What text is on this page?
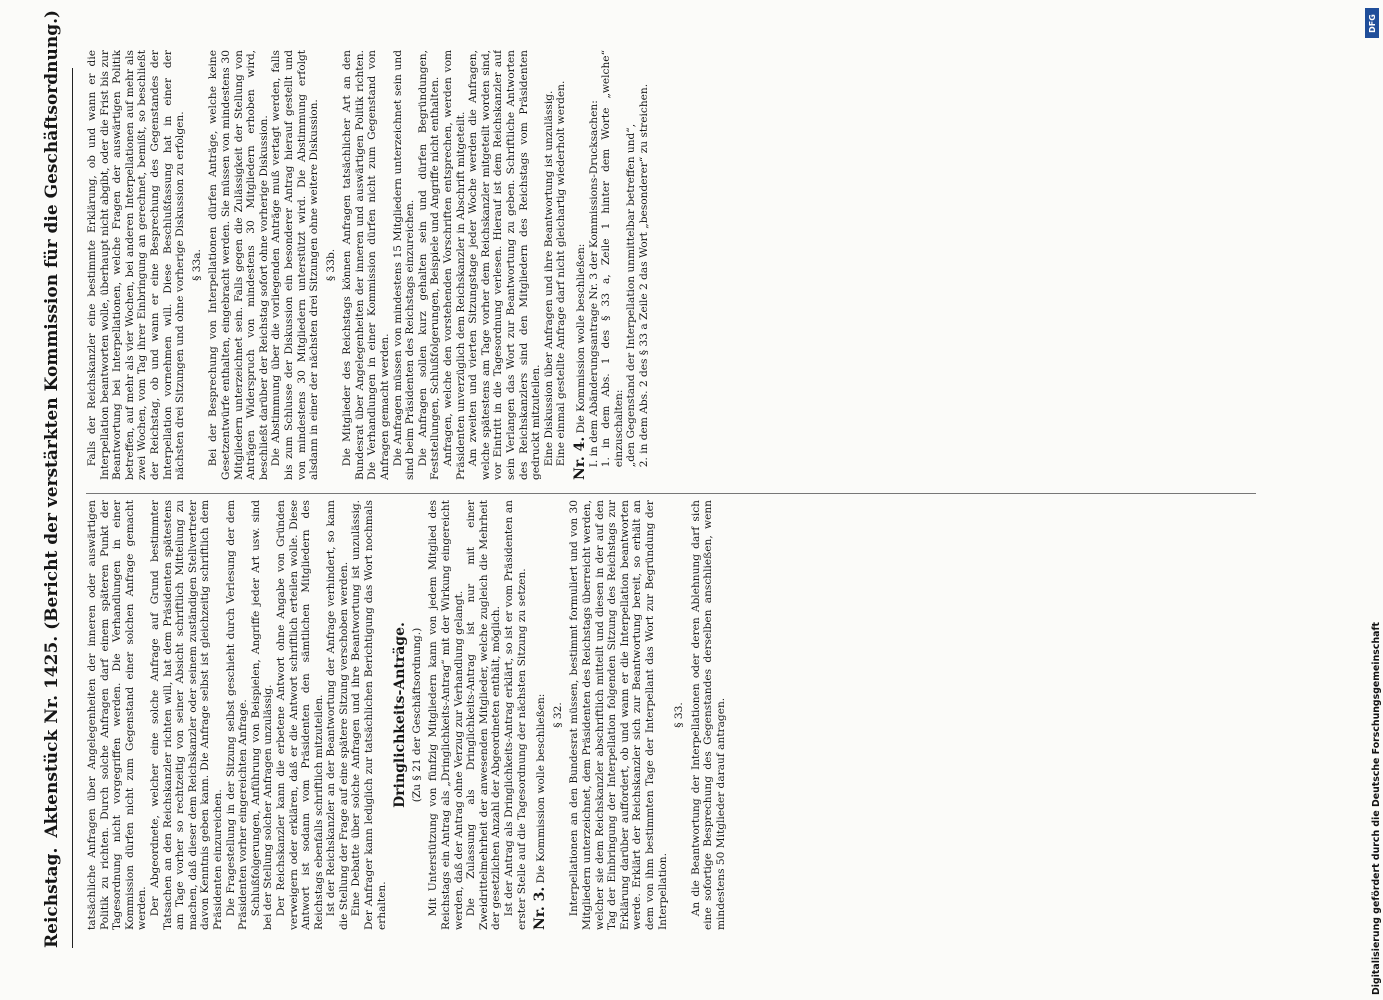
Reichstag.
Aktenstück Nr. 1425. (Bericht der verstärkten Kommission für die Geschäftsordnung.) tatsächliche Anfragen über Angelegenheiten der inneren oder auswärtigen Politik zu richten. Durch solche Anfragen darf einem späteren Punkt der Tagesordnung nicht vorgegriffen werden. Die Verhandlungen in einer Kommission dürfen nicht zum Gegenstand einer solchen Anfrage gemacht werden. Der Abgeordnete, welcher eine solche Anfrage auf Grund bestimmter Tatsachen an den Reichskanzler richten will, hat dem Präsidenten spätestens am Tage vorher so rechtzeitig von seiner Absicht schriftlich Mitteilung zu machen, daß dieser dem Reichskanzler oder seinem zuständigen Stellvertreter davon Kenntnis geben kann. Die Anfrage selbst ist gleichzeitig schriftlich dem Präsidenten einzureichen. Die Fragestellung in der Sitzung selbst geschieht durch Verlesung der dem Präsidenten vorher eingereichten Anfrage. Schlußfolgerungen, Anführung von Beispielen, Angriffe jeder Art usw. sind bei der Stellung solcher Anfragen unzulässig. Der Reichskanzler kann die erbetene Antwort ohne Angabe von Gründen verweigern oder erklären, daß er die Antwort schriftlich erteilen wolle. Diese Antwort ist sodann vom Präsidenten den sämtlichen Mitgliedern des Reichstags ebenfalls schriftlich mitzuteilen. Ist der Reichskanzler an der Beantwortung der Anfrage verhindert, so kann die Stellung der Frage auf eine spätere Sitzung verschoben werden. Eine Debatte über solche Anfragen und ihre Beantwortung ist unzulässig. Der Anfrager kann lediglich zur tatsächlichen Berichtigung das Wort nochmals erhalten.

Dringlichkeits-Anträge. (Zu § 21 der Geschäftsordnung.) Mit Unterstützung von fünfzig Mitgliedern kann von jedem Mitglied des Reichstags ein Antrag als „Dringlichkeits-Antrag“ mit der Wirkung eingereicht werden, daß der Antrag ohne Verzug zur Verhandlung gelangt. Die Zulassung als Dringlichkeits-Antrag ist nur mit einer Zweidrittelmehrheit der anwesenden Mitglieder, welche zugleich die Mehrheit der gesetzlichen Anzahl der Abgeordneten enthält, möglich. Ist der Antrag als Dringlichkeits-Antrag erklärt, so ist er vom Präsidenten an erster Stelle auf die Tagesordnung der nächsten Sitzung zu setzen. Nr. 3. Die Kommission wolle beschließen: § 32. Interpellationen an den Bundesrat müssen, bestimmt formuliert und von 30 Mitgliedern unterzeichnet, dem Präsidenten des Reichstags überreicht werden, welcher sie dem Reichskanzler abschriftlich mitteilt und diesen in der auf den Tag der Einbringung der Interpellation folgenden Sitzung des Reichstags zur Erklärung darüber auffordert, ob und wann er die Interpellation beantworten werde. Erklärt der Reichskanzler sich zur Beantwortung bereit, so erhält an dem von ihm bestimmten Tage der Interpellant das Wort zur Begründung der Interpellation.

§ 33. An die Beantwortung der Interpellationen oder deren Ablehnung darf sich eine sofortige Besprechung des Gegenstandes derselben anschließen, wenn mindestens 50 Mitglieder darauf antragen.

Falls der Reichskanzler eine bestimmte Erklärung, ob und wann er die Interpellation beantworten wolle, überhaupt nicht abgibt, oder die Frist bis zur Beantwortung bei Interpellationen, welche Fragen der auswärtigen Politik betreffen, auf mehr als vier Wochen, bei anderen Interpellationen auf mehr als zwei Wochen, vom Tag ihrer Einbringung an gerechnet, bemißt, so beschließt der Reichstag, ob und wann er eine Besprechung des Gegenstandes der Interpellation vornehmen will. Diese Beschlußfassung hat in einer der nächsten drei Sitzungen und ohne vorherige Diskussion zu erfolgen. § 33a. Bei der Besprechung von Interpellationen dürfen Anträge, welche keine Gesetzentwürfe enthalten, eingebracht werden. Sie müssen von mindestens 30 Mitgliedern unterzeichnet sein. Falls gegen die Zulässigkeit der Stellung von Anträgen Widerspruch von mindestens 30 Mitgliedern erhoben wird, beschließt darüber der Reichstag sofort ohne vorherige Diskussion. Die Abstimmung über die vorliegenden Anträge muß vertagt werden, falls bis zum Schlusse der Diskussion ein besonderer Antrag hierauf gestellt und von mindestens 30 Mitgliedern unterstützt wird. Die Abstimmung erfolgt alsdann in einer der nächsten drei Sitzungen ohne weitere Diskussion. § 33b. Die Mitglieder des Reichstags können Anfragen tatsächlicher Art an den Bundesrat über Angelegenheiten der inneren und auswärtigen Politik richten. Die Verhandlungen in einer Kommission dürfen nicht zum Gegenstand von Anfragen gemacht werden. Die Anfragen müssen von mindestens 15 Mitgliedern unterzeichnet sein und sind beim Präsidenten des Reichstags einzureichen. Die Anfragen sollen kurz gehalten sein und dürfen Begründungen, Feststellungen, Schlußfolgerungen, Beispiele und Angriffe nicht enthalten. Anfragen, welche den vorstehenden Vorschriften entsprechen, werden vom Präsidenten unverzüglich dem Reichskanzler in Abschrift mitgeteilt. Am zweiten und vierten Sitzungstage jeder Woche werden die Anfragen, welche spätestens am Tage vorher dem Reichskanzler mitgeteilt worden sind, vor Eintritt in die Tagesordnung verlesen. Hierauf ist dem Reichskanzler auf sein Verlangen das Wort zur Beantwortung zu geben. Schriftliche Antworten des Reichskanzlers sind den Mitgliedern des Reichstags vom Präsidenten gedruckt mitzuteilen. Eine Diskussion über Anfragen und ihre Beantwortung ist unzulässig. Eine einmal gestellte Anfrage darf nicht gleichartig wiederholt werden. Nr. 4. Die Kommission wolle beschließen: I. in dem Abänderungsantrage Nr. 3 der Kommissions-Drucksachen: 1. in dem Abs. 1 des § 33 a, Zeile 1 hinter dem Worte „welche“ einzuschalten: „den Gegenstand der Interpellation unmittelbar betreffen und“, 2. in dem Abs. 2 des § 33 a Zeile 2 das Wort „besonderer“ zu streichen.

DFG
Digitalisierung gefördert durch die Deutsche Forschungsgemeinschaft
